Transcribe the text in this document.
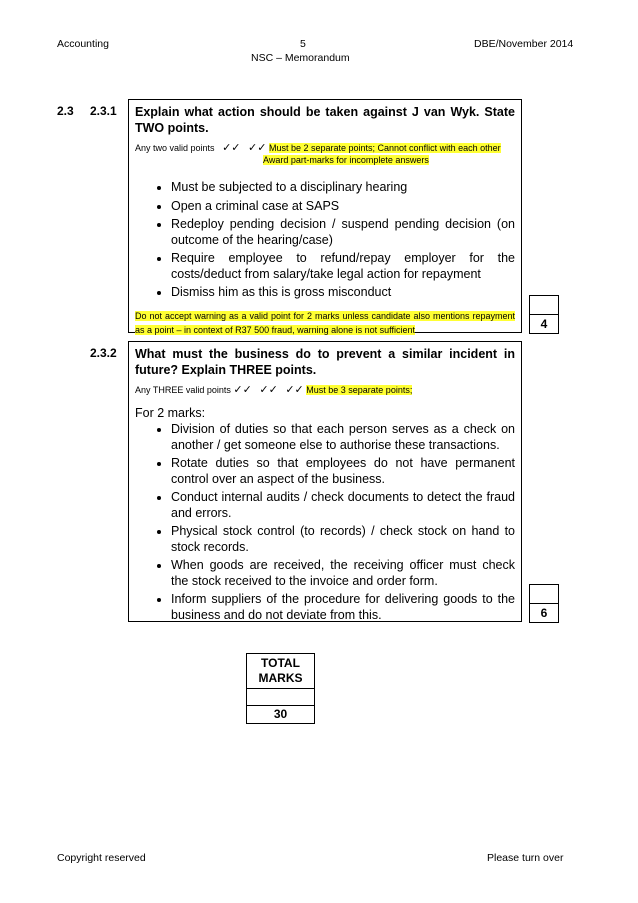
Accounting	5	DBE/November 2014
NSC – Memorandum
2.3 2.3.1
2.3.2
Explain what action should be taken against J van Wyk. State TWO points.
Any two valid points ✓✓ ✓✓ Must be 2 separate points; Cannot conflict with each other
Award part-marks for incomplete answers
• Must be subjected to a disciplinary hearing
• Open a criminal case at SAPS
• Redeploy pending decision / suspend pending decision (on outcome of the hearing/case)
• Require employee to refund/repay employer for the costs/deduct from salary/take legal action for repayment
• Dismiss him as this is gross misconduct
Do not accept warning as a valid point for 2 marks unless candidate also mentions repayment as a point – in context of R37 500 fraud, warning alone is not sufficient	4
What must the business do to prevent a similar incident in future? Explain THREE points.
Any THREE valid points ✓✓ ✓✓ ✓✓ Must be 3 separate points;
For 2 marks:
• Division of duties so that each person serves as a check on another / get someone else to authorise these transactions.
• Rotate duties so that employees do not have permanent control over an aspect of the business.
• Conduct internal audits / check documents to detect the fraud and errors.
• Physical stock control (to records) / check stock on hand to stock records.
• When goods are received, the receiving officer must check the stock received to the invoice and order form.
• Inform suppliers of the procedure for delivering goods to the business and do not deviate from this.	6
TOTAL
MARKS
30
Copyright reserved	Please turn over
